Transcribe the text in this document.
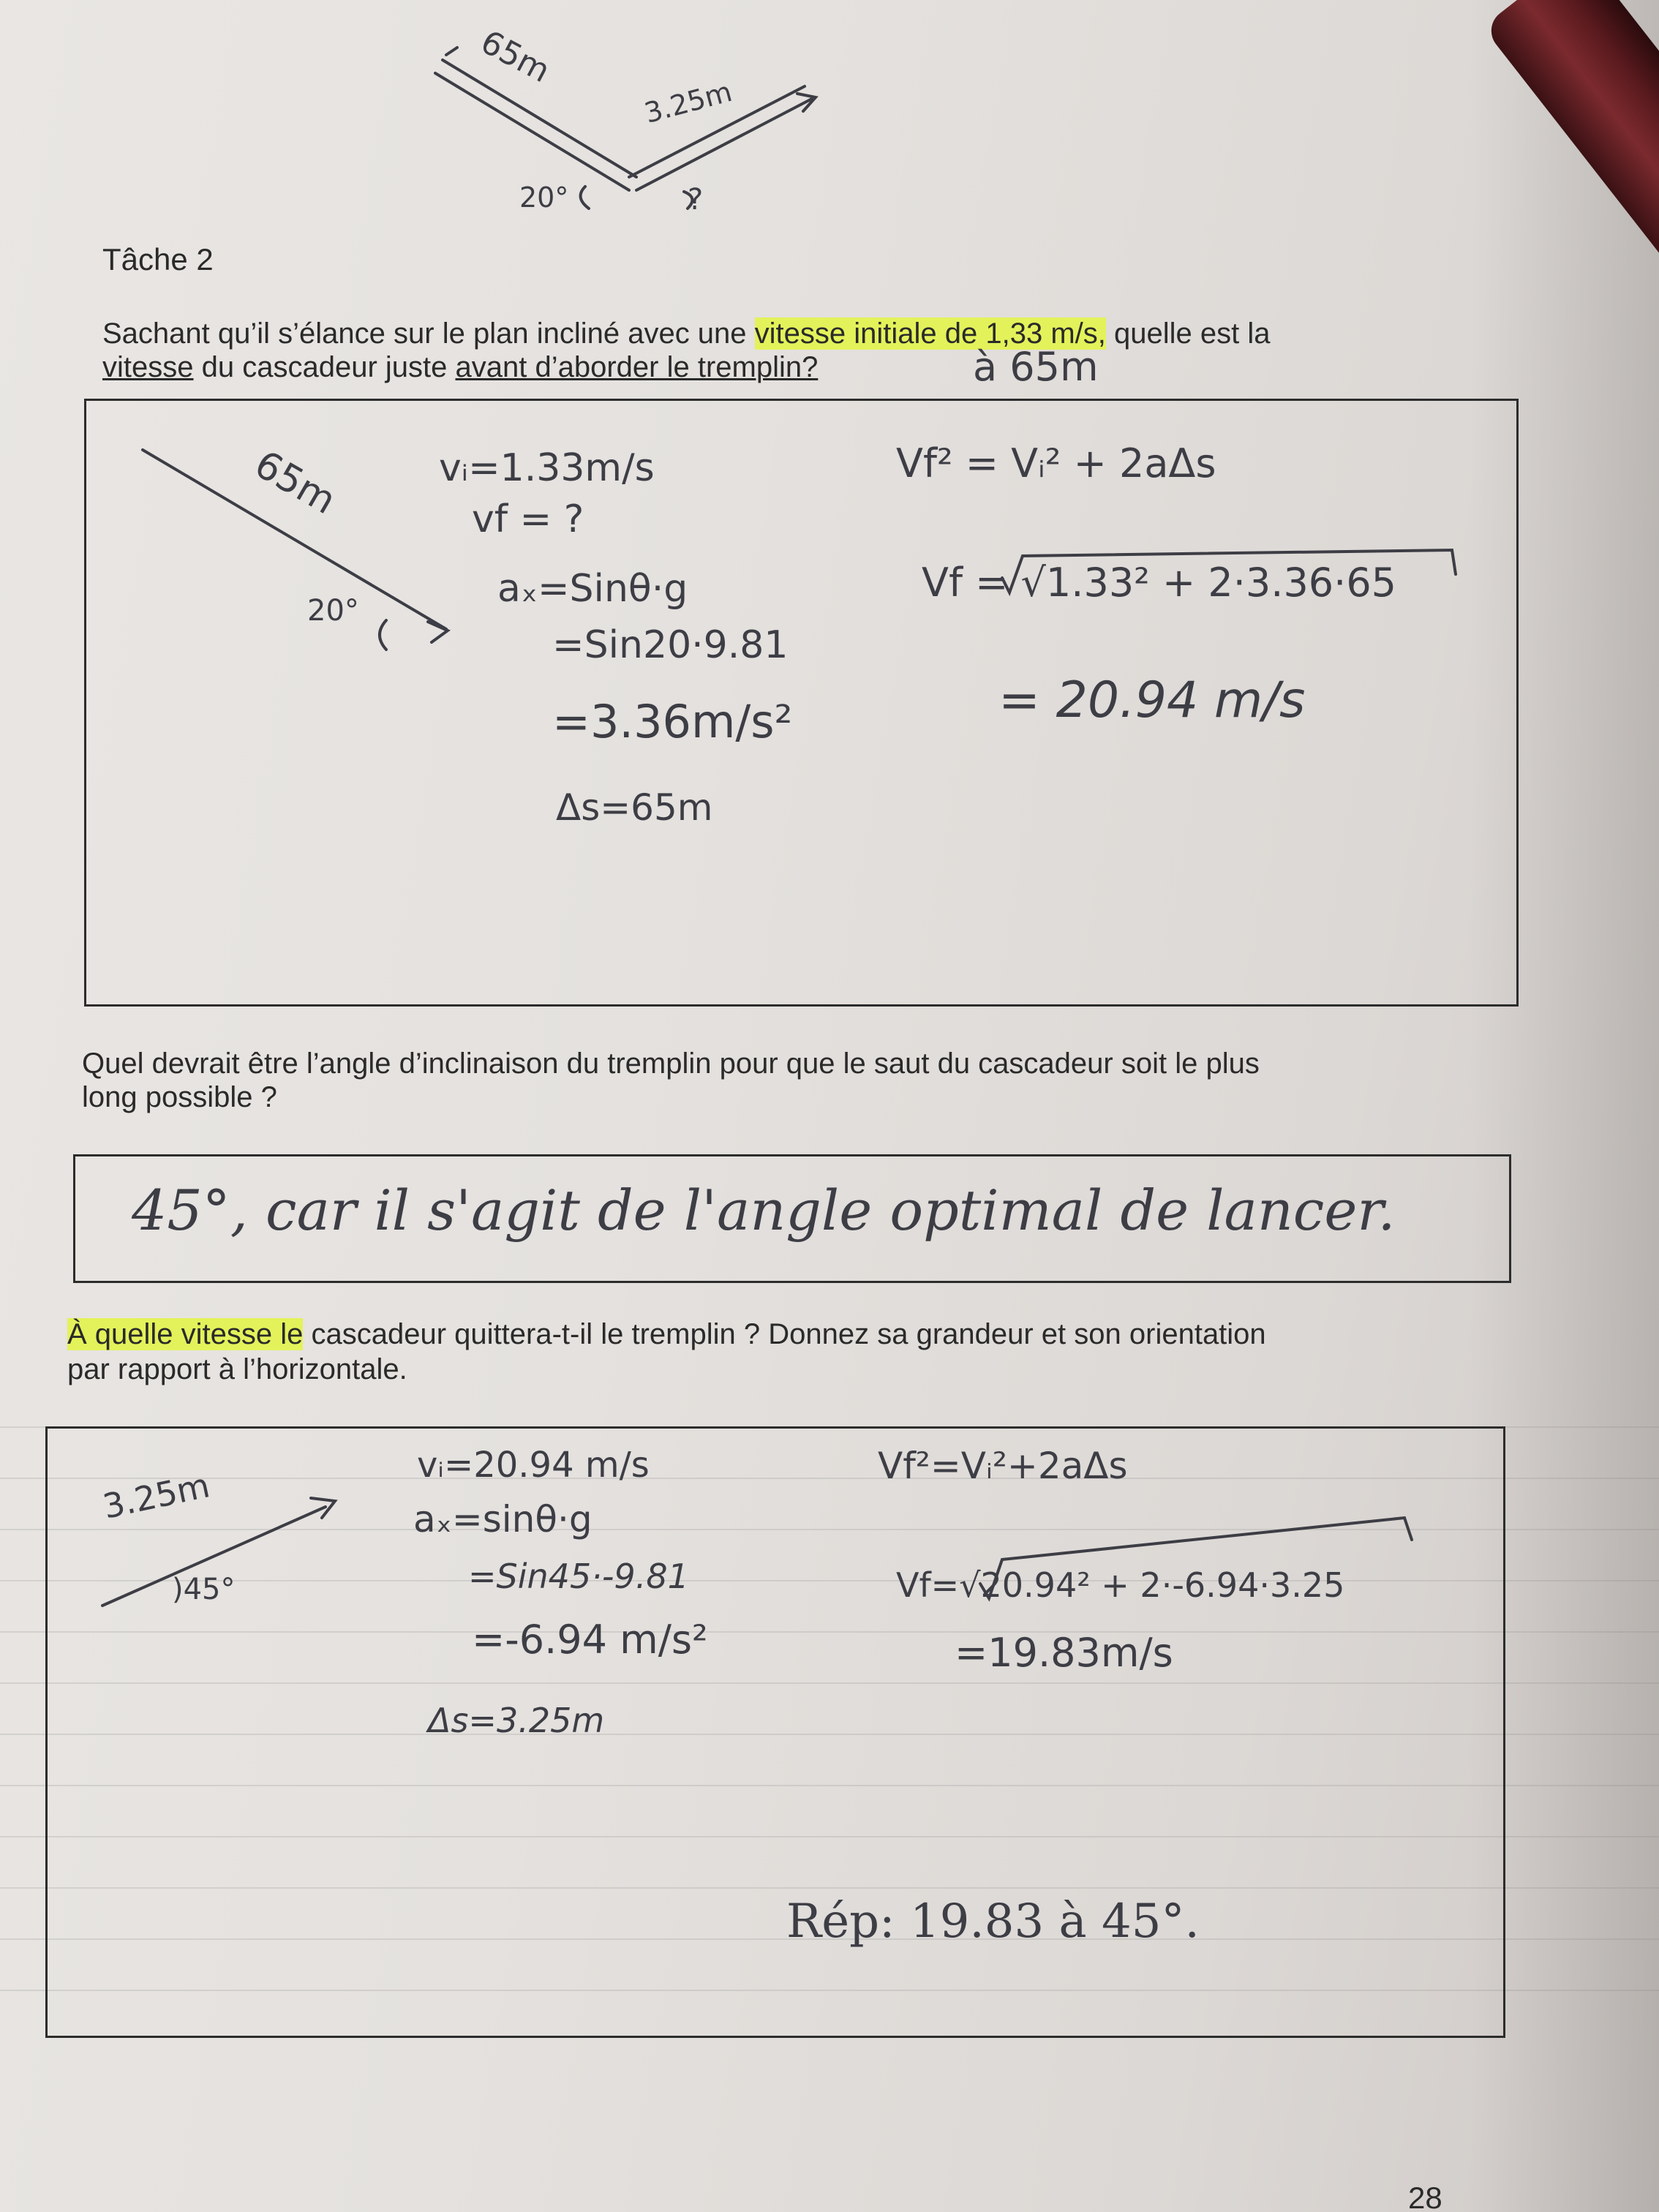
65m
3.25m
20°	?
Tâche 2
Sachant qu’il s’élance sur le plan incliné avec une vitesse initiale de 1,33 m/s, quelle est la
vitesse du cascadeur juste avant d’aborder le tremplin?	à 65m
65m
20°
vᵢ=1.33m/s
vf = ?
aₓ=Sinθ·g
=Sin20·9.81
=3.36m/s²
Δs=65m
Vf² = Vᵢ² + 2aΔs
Vf = √1.33² + 2·3.36·65
= 20.94 m/s
Quel devrait être l’angle d’inclinaison du tremplin pour que le saut du cascadeur soit le plus
long possible ?
45°, car il s'agit de l'angle optimal de lancer.
À quelle vitesse le cascadeur quittera-t-il le tremplin ? Donnez sa grandeur et son orientation
par rapport à l’horizontale.
3.25m
)45°
vᵢ=20.94 m/s
aₓ=sinθ·g
=Sin45·-9.81
=-6.94 m/s²
Δs=3.25m
Vf²=Vᵢ²+2aΔs
Vf=√20.94² + 2·-6.94·3.25
=19.83m/s
Rép: 19.83 à 45°.
28
